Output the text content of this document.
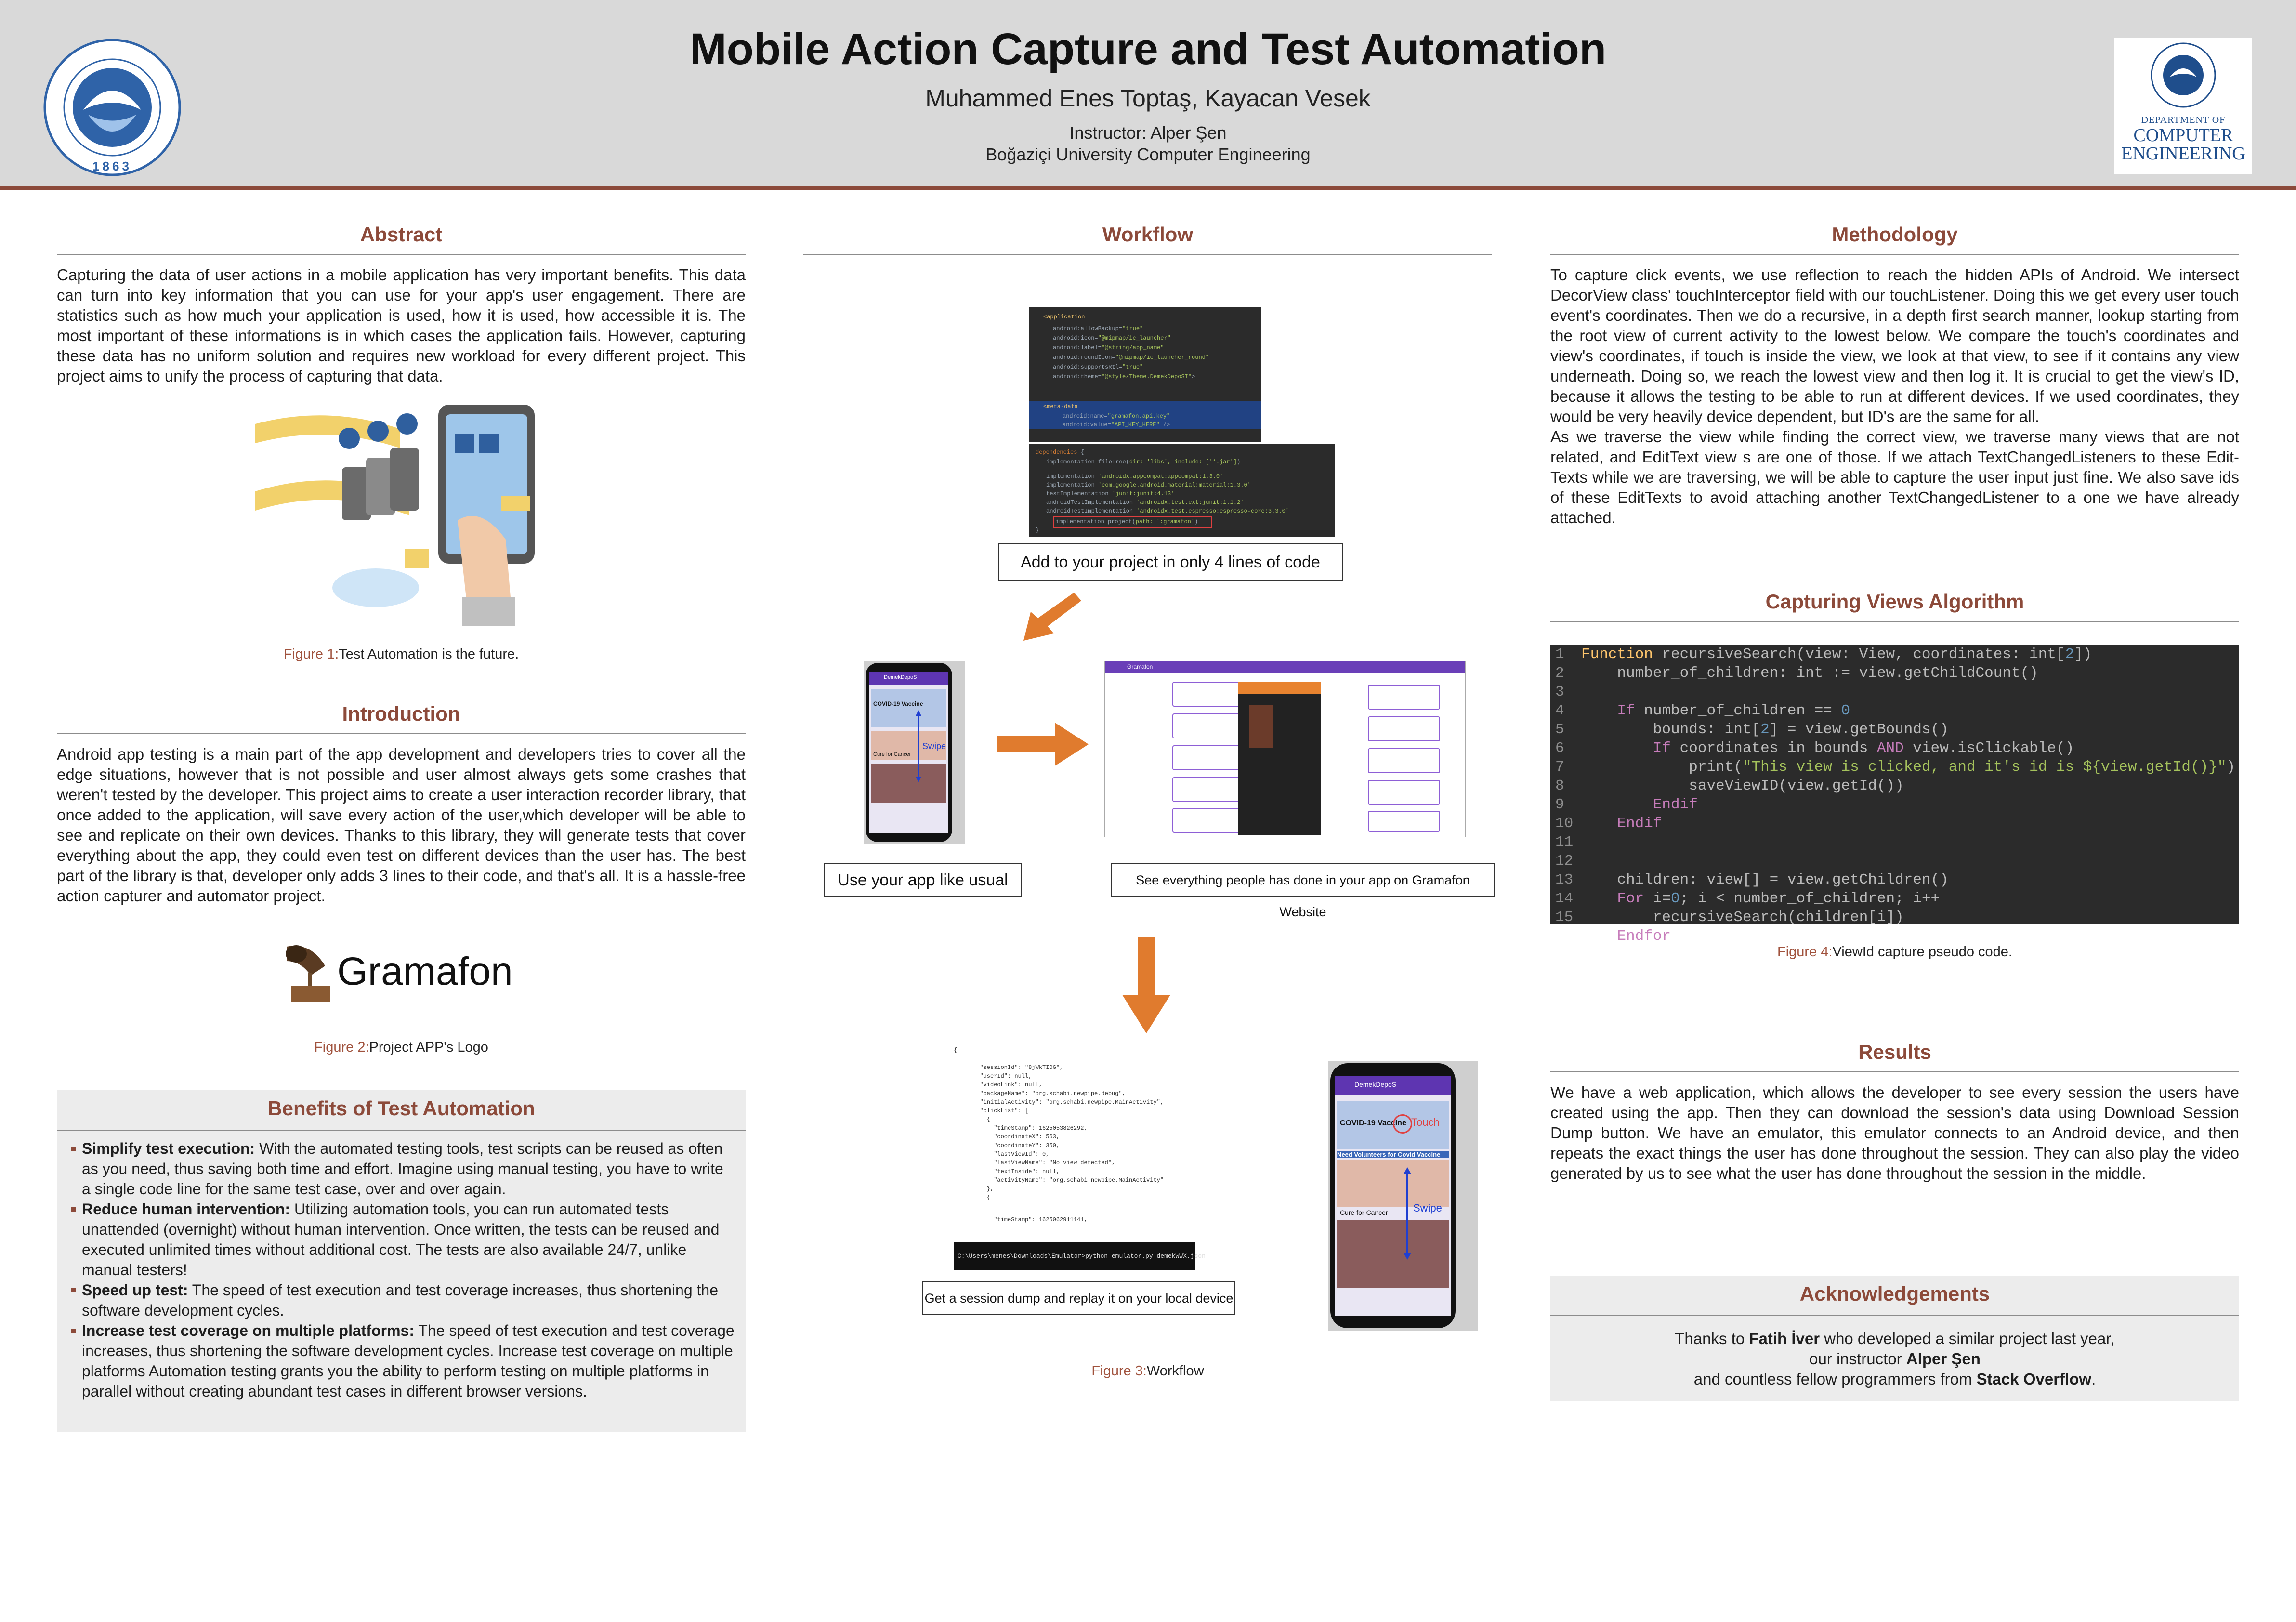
1863
Mobile Action Capture and Test Automation
Muhammed Enes Toptaş, Kayacan Vesek
Instructor: Alper Şen
Boğaziçi University Computer Engineering
DEPARTMENT OF
COMPUTER
ENGINEERING
Abstract
Capturing the data of user actions in a mobile application has very important benefits. This data can turn into key information that you can use for your app's user engagement. There are statistics such as how much your application is used, how it is used, how accessible it is. The most important of these informations is in which cases the application fails. However, capturing these data has no uniform solution and requires new workload for every different project. This project aims to unify the process of capturing that data.
Figure 1:Test Automation is the future.
Introduction
Android app testing is a main part of the app development and developers tries to cover all the edge situations, however that is not possible and user almost always gets some crashes that weren't tested by the developer. This project aims to create a user interaction recorder library, that once added to the application, will save every action of the user,which developer will be able to see and replicate on their own devices. Thanks to this library, they will generate tests that cover everything about the app, they could even test on different devices than the user has. The best part of the library is that, developer only adds 3 lines to their code, and that's all. It is a hassle-free action capturer and automator project.
Gramafon
Figure 2:Project APP's Logo
Benefits of Test Automation
Simplify test execution: With the automated testing tools, test scripts can be reused as often as you need, thus saving both time and effort. Imagine using manual testing, you have to write a single code line for the same test case, over and over again.
Reduce human intervention: Utilizing automation tools, you can run automated tests unattended (overnight) without human intervention. Once written, the tests can be reused and executed unlimited times without additional cost. The tests are also available 24/7, unlike manual testers!
Speed up test: The speed of test execution and test coverage increases, thus shortening the software development cycles.
Increase test coverage on multiple platforms: The speed of test execution and test coverage increases, thus shortening the software development cycles. Increase test coverage on multiple platforms Automation testing grants you the ability to perform testing on multiple platforms in parallel without creating abundant test cases in different browser versions.
Workflow
<application
android:allowBackup="true"
android:icon="@mipmap/ic_launcher"
android:label="@string/app_name"
android:roundIcon="@mipmap/ic_launcher_round"
android:supportsRtl="true"
android:theme="@style/Theme.DemekDepoSI">
<meta-data
android:name="gramafon.api.key"
android:value="API_KEY_HERE" />
dependencies {
implementation fileTree(dir: 'libs', include: ['*.jar'])
implementation 'androidx.appcompat:appcompat:1.3.0'
implementation 'com.google.android.material:material:1.3.0'
testImplementation 'junit:junit:4.13'
androidTestImplementation 'androidx.test.ext:junit:1.1.2'
androidTestImplementation 'androidx.test.espresso:espresso-core:3.3.0'
implementation project(path: ':gramafon')
}
Add to your project in only 4 lines of code
DemekDepoS
COVID-19 Vaccine
Cure for Cancer
Swipe
Gramafon
Use your app like usual	See everything people has done in your app on Gramafon Website
{
"sessionId": "8jWkTIOG",
"userId": null,
"videoLink": null,
"packageName": "org.schabi.newpipe.debug",
"initialActivity": "org.schabi.newpipe.MainActivity",
"clickList": [
{
"timeStamp": 1625053826292,
"coordinateX": 563,
"coordinateY": 350,
"lastViewId": 0,
"lastViewName": "No view detected",
"textInside": null,
"activityName": "org.schabi.newpipe.MainActivity"
},
{
"timeStamp": 1625062911141,
C:\Users\menes\Downloads\Emulator>python emulator.py demekWWX.json
Get a session dump and replay it on your local device
DemekDepoS
COVID-19 Vaccine
Need Volunteers for Covid Vaccine
Cure for Cancer
Touch
Swipe
Figure 3:Workflow
Methodology
To capture click events, we use reflection to reach the hidden APIs of Android. We intersect DecorView class' touchInterceptor field with our touchListener. Doing this we get every user touch event's coordinates. Then we do a recursive, in a depth first search manner, lookup starting from the root view of current activity to the lowest below. We compare the touch's coordinates and view's coordinates, if touch is inside the view, we look at that view, to see if it contains any view underneath. Doing so, we reach the lowest view and then log it. It is crucial to get the view's ID, because it allows the testing to be able to run at different devices. If we used coordinates, they would be very heavily device dependent, but ID's are the same for all.
As we traverse the view while finding the correct view, we traverse many views that are not related, and EditText view s are one of those. If we attach TextChangedListeners to these Edit-Texts while we are traversing, we will be able to capture the user input just fine. We also save ids of these EditTexts to avoid attaching another TextChangedListener to a one we have already attached.
Capturing Views Algorithm
1
2
3
4
5
6
7
8
9
10
11
12
13
14
15
Function recursiveSearch(view: View, coordinates: int[2])
number_of_children: int := view.getChildCount()
If number_of_children == 0
bounds: int[2] = view.getBounds()
If coordinates in bounds AND view.isClickable()
print("This view is clicked, and it's id is ${view.getId()}")
saveViewID(view.getId())
Endif
Endif
children: view[] = view.getChildren()
For i=0; i < number_of_children; i++
recursiveSearch(children[i])
Endfor
Figure 4:ViewId capture pseudo code.
Results
We have a web application, which allows the developer to see every session the users have created using the app. Then they can download the session's data using Download Session Dump button. We have an emulator, this emulator connects to an Android device, and then repeats the exact things the user has done throughout the session. They can also play the video generated by us to see what the user has done throughout the session in the middle.
Acknowledgements
Thanks to Fatih İver who developed a similar project last year,
our instructor Alper Şen
and countless fellow programmers from Stack Overflow.
